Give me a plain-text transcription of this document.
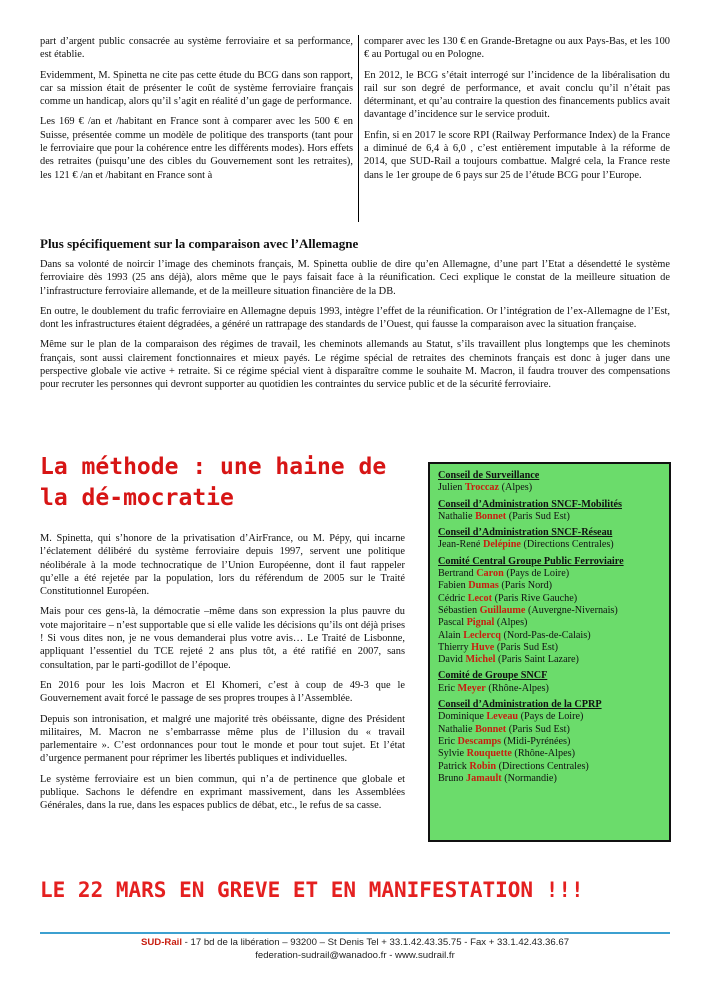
part d’argent public consacrée au système ferroviaire et sa performance, est établie.

Evidemment, M. Spinetta ne cite pas cette étude du BCG dans son rapport, car sa mission était de présenter le coût de système ferroviaire français comme un handicap, alors qu’il s’agit en réalité d’un gage de performance.

Les 169 € /an et /habitant en France sont à comparer avec les 500 € en Suisse, présentée comme un modèle de politique des transports (tant pour le ferroviaire que pour la cohérence entre les différents modes). Hors effets des retraites (puisqu’une des cibles du Gouvernement sont les retraites), les 121 € /an et /habitant en France sont à

comparer avec les 130 € en Grande-Bretagne ou aux Pays-Bas, et les 100 € au Portugal ou en Pologne.

En 2012, le BCG s’était interrogé sur l’incidence de la libéralisation du rail sur son degré de performance, et avait conclu qu’il n’était pas déterminant, et qu’au contraire la question des financements publics avait davantage d’incidence sur le service produit.

Enfin, si en 2017 le score RPI (Railway Performance Index) de la France a diminué de 6,4 à 6,0 , c’est entièrement imputable à la réforme de 2014, que SUD-Rail a toujours combattue. Malgré cela, la France reste dans le 1er groupe de 6 pays sur 25 de l’étude BCG pour l’Europe.

Plus spécifiquement sur la comparaison avec l’Allemagne

Dans sa volonté de noircir l’image des cheminots français, M. Spinetta oublie de dire qu’en Allemagne, d’une part l’Etat a désendetté le système ferroviaire dès 1993 (25 ans déjà), alors même que le pays faisait face à la réunification. Ceci explique le constat de la meilleure situation de l’infrastructure ferroviaire allemande, et de la meilleure situation financière de la DB.

En outre, le doublement du trafic ferroviaire en Allemagne depuis 1993, intègre l’effet de la réunification. Or l’intégration de l’ex-Allemagne de l’Est, dont les infrastructures étaient dégradées, a généré un rattrapage des standards de l’Ouest, qui fausse la comparaison avec la situation française.

Même sur le plan de la comparaison des régimes de travail, les cheminots allemands au Statut, s’ils travaillent plus longtemps que les cheminots français, sont aussi clairement fonctionnaires et mieux payés. Le régime spécial de retraites des cheminots français est donc à juger dans une perspective globale vie active + retraite. Si ce régime spécial vient à disparaître comme le souhaite M. Macron, il faudra trouver des compensations pour recruter les personnes qui devront supporter au quotidien les contraintes du service public et de la sécurité ferroviaire.

La méthode : une haine de la dé-mocratie

M. Spinetta, qui s’honore de la privatisation d’AirFrance, ou M. Pépy, qui incarne l’éclatement délibéré du système ferroviaire depuis 1997, servent une politique néolibérale à la mode technocratique de l’Union Européenne, dont il faut rappeler qu’elle a été rejetée par la population, lors du référendum de 2005 sur le Traité Constitutionnel Européen.

Mais pour ces gens-là, la démocratie –même dans son expression la plus pauvre du vote majoritaire – n’est supportable que si elle valide les décisions qu’ils ont déjà prises ! Si vous dites non, je ne vous demanderai plus votre avis… Le Traité de Lisbonne, appliquant l’essentiel du TCE rejeté 2 ans plus tôt, a été ratifié en 2007, sans consultation, par le parti-godillot de l’époque.

En 2016 pour les lois Macron et El Khomeri, c’est à coup de 49-3 que le Gouvernement avait forcé le passage de ses propres troupes à l’Assemblée.

Depuis son intronisation, et malgré une majorité très obéissante, digne des Président militaires, M. Macron ne s’embarrasse même plus de l’illusion du « travail parlementaire ». C’est ordonnances pour tout le monde et pour tout sujet. Et l’état d’urgence permanent pour réprimer les libertés publiques et individuelles.

Le système ferroviaire est un bien commun, qui n’a de pertinence que globale et publique. Sachons le défendre en exprimant massivement, dans les Assemblées Générales, dans la rue, dans les espaces publics de débat, etc., le refus de sa casse.

Conseil de Surveillance
Julien Troccaz (Alpes)
Conseil d’Administration SNCF-Mobilités
Nathalie Bonnet (Paris Sud Est)
Conseil d’Administration SNCF-Réseau
Jean-René Delépine (Directions Centrales)
Comité Central Groupe Public Ferroviaire
Bertrand Caron (Pays de Loire)
Fabien Dumas (Paris Nord)
Cédric Lecot (Paris Rive Gauche)
Sébastien Guillaume (Auvergne-Nivernais)
Pascal Pignal (Alpes)
Alain Leclercq (Nord-Pas-de-Calais)
Thierry Huve (Paris Sud Est)
David Michel (Paris Saint Lazare)
Comité de Groupe SNCF
Eric Meyer (Rhône-Alpes)
Conseil d’Administration de la CPRP
Dominique Leveau (Pays de Loire)
Nathalie Bonnet (Paris Sud Est)
Eric Descamps (Midi-Pyrénées)
Sylvie Rouquette (Rhône-Alpes)
Patrick Robin (Directions Centrales)
Bruno Jamault (Normandie)
LE 22 MARS EN GREVE ET EN MANIFESTATION !!!
SUD-Rail - 17 bd de la libération – 93200 – St Denis Tel + 33.1.42.43.35.75 - Fax + 33.1.42.43.36.67
federation-sudrail@wanadoo.fr - www.sudrail.fr
